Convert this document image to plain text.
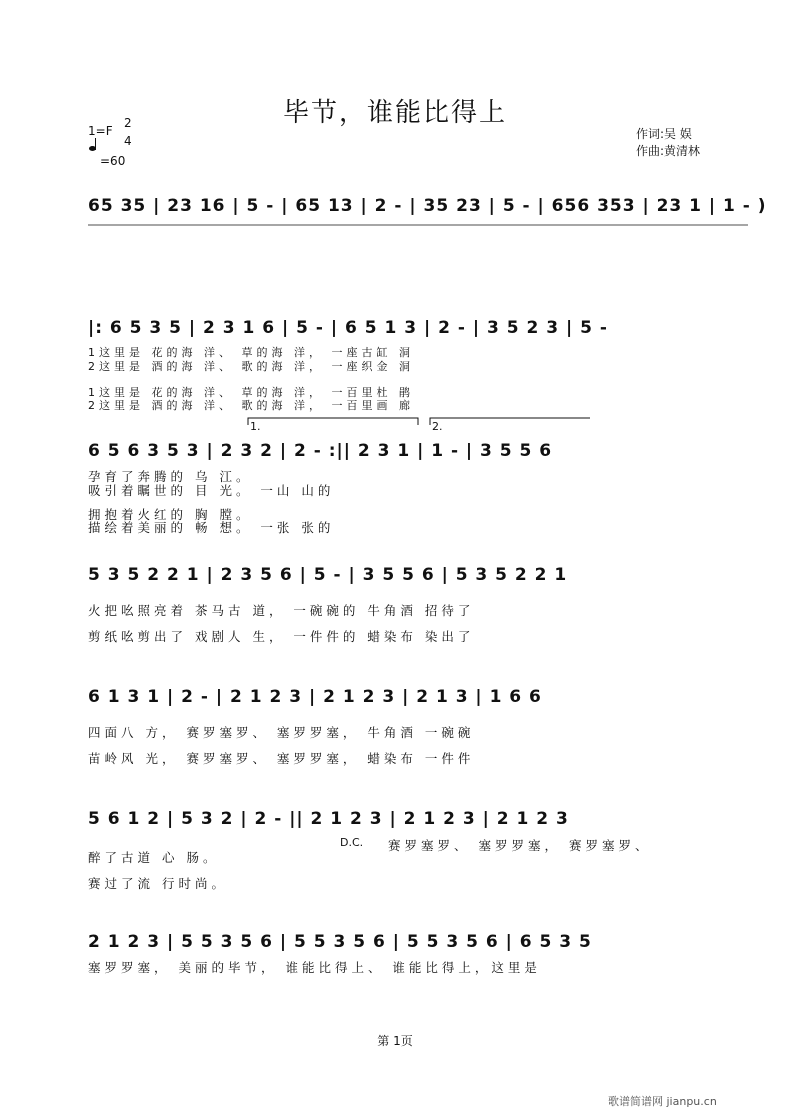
毕节，谁能比得上
1=F
2
4
=60
作词:吴 娱
作曲:黄清林
65 35 | 23 16 | 5 - | 65 13 | 2 - | 35 23 | 5 - | 656 353 | 23 1 | 1 - )
|: 6 5 3 5 | 2 3 1 6 | 5 - | 6 5 1 3 | 2 - | 3 5 2 3 | 5 -
1这里是 花的海 洋、 草的海 洋， 一座古缸 洞
2这里是 酒的海 洋、 歌的海 洋， 一座织金 洞
1这里是 花的海 洋、 草的海 洋， 一百里杜 鹃
2这里是 酒的海 洋、 歌的海 洋， 一百里画 廊
1.	2.
6 5 6 3 5 3 | 2 3 2 | 2 - :|| 2 3 1 | 1 - | 3 5 5 6
孕育了奔腾的 乌 江。
吸引着瞩世的 目 光。 一山 山的
拥抱着火红的 胸 膛。
描绘着美丽的 畅 想。 一张 张的
5 3 5 2 2 1 | 2 3 5 6 | 5 - | 3 5 5 6 | 5 3 5 2 2 1
火把吆照亮着 茶马古 道， 一碗碗的 牛角酒 招待了
剪纸吆剪出了 戏剧人 生， 一件件的 蜡染布 染出了
6 1 3 1 | 2 - | 2 1 2 3 | 2 1 2 3 | 2 1 3 | 1 6 6
四面八 方， 赛罗塞罗、 塞罗罗塞， 牛角酒 一碗碗
苗岭风 光， 赛罗塞罗、 塞罗罗塞， 蜡染布 一件件
5 6 1 2 | 5 3 2 | 2 - || 2 1 2 3 | 2 1 2 3 | 2 1 2 3
D.C. 赛罗塞罗、 塞罗罗塞， 赛罗塞罗、
醉了古道 心 肠。
赛过了流 行时尚。
2 1 2 3 | 5 5 3 5 6 | 5 5 3 5 6 | 5 5 3 5 6 | 6 5 3 5
塞罗罗塞， 美丽的毕节， 谁能比得上、 谁能比得上，这里是
第 1页
歌谱简谱网 jianpu.cn
